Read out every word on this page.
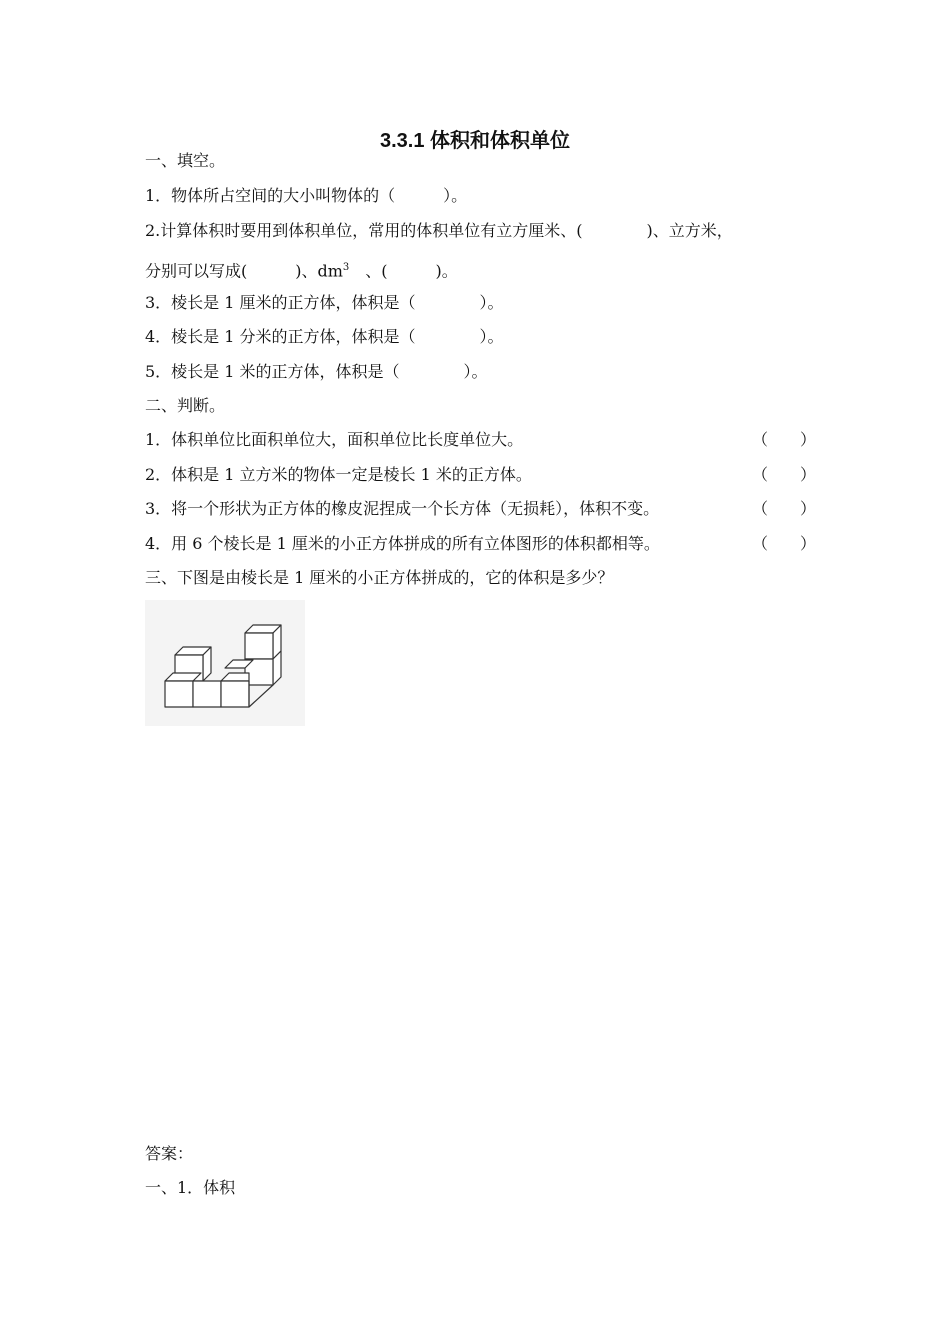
3.3.1 体积和体积单位
一、填空。
1．物体所占空间的大小叫物体的（　　　）。
2.计算体积时要用到体积单位，常用的体积单位有立方厘米、(　　　　)、立方米，
分别可以写成(　　　)、$dm^3$　、(　　　)。
3．棱长是 1 厘米的正方体，体积是（　　　　）。
4．棱长是 1 分米的正方体，体积是（　　　　）。
5．棱长是 1 米的正方体，体积是（　　　　）。
二、判断。
1．体积单位比面积单位大，面积单位比长度单位大。	（　　）
2．体积是 1 立方米的物体一定是棱长 1 米的正方体。	（　　）
3．将一个形状为正方体的橡皮泥捏成一个长方体（无损耗），体积不变。	（　　）
4．用 6 个棱长是 1 厘米的小正方体拼成的所有立体图形的体积都相等。	（　　）
三、下图是由棱长是 1 厘米的小正方体拼成的，它的体积是多少？
答案：
一、1．体积
